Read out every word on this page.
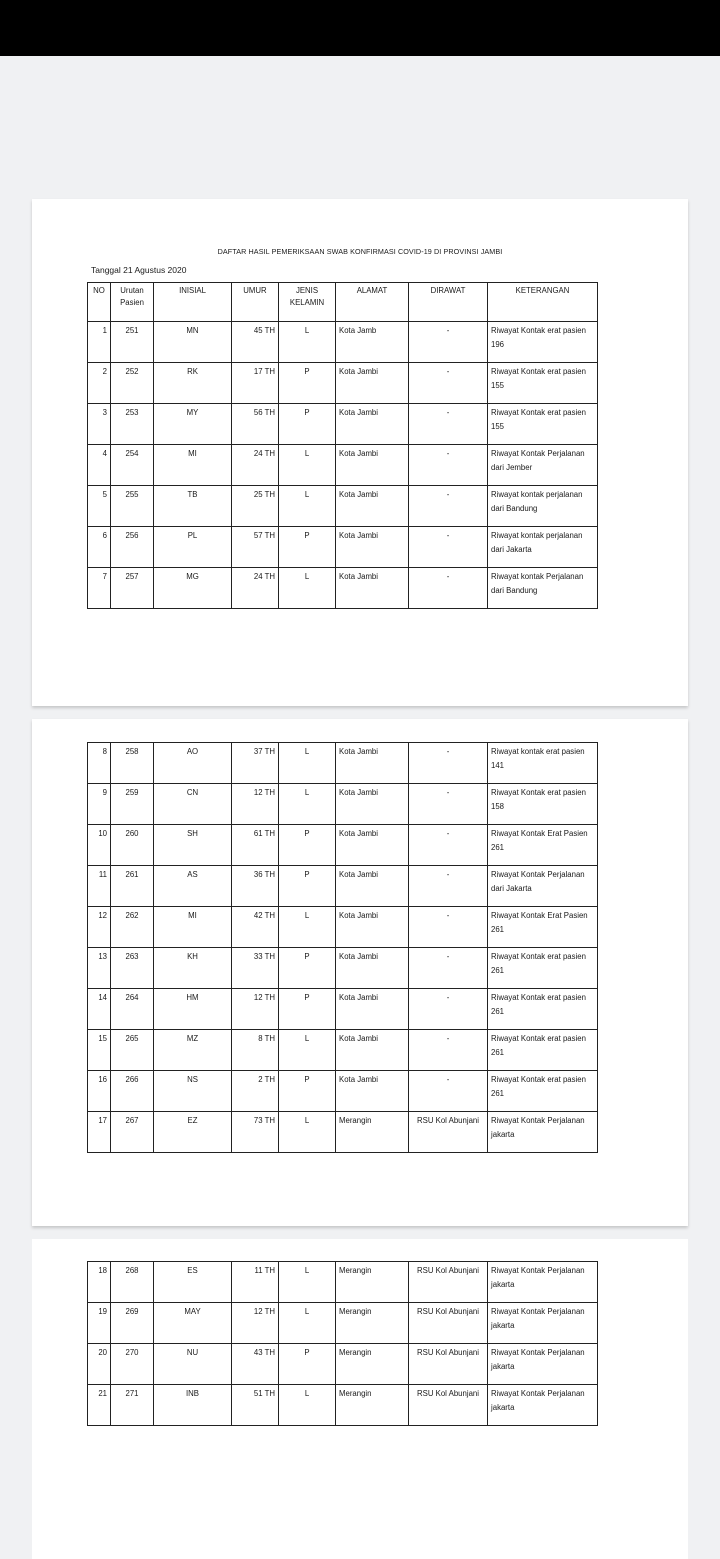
DAFTAR HASIL PEMERIKSAAN SWAB KONFIRMASI COVID-19 DI PROVINSI JAMBI
Tanggal 21 Agustus 2020
NO	Urutan Pasien	INISIAL	UMUR	JENIS KELAMIN	ALAMAT	DIRAWAT	KETERANGAN
1	251	MN	45 TH	L	Kota Jamb	-	Riwayat Kontak erat pasien 196
2	252	RK	17 TH	P	Kota Jambi	-	Riwayat Kontak erat pasien 155
3	253	MY	56 TH	P	Kota Jambi	-	Riwayat Kontak erat pasien 155
4	254	MI	24 TH	L	Kota Jambi	-	Riwayat Kontak Perjalanan dari Jember
5	255	TB	25 TH	L	Kota Jambi	-	Riwayat kontak perjalanan dari Bandung
6	256	PL	57 TH	P	Kota Jambi	-	Riwayat kontak perjalanan dari Jakarta
7	257	MG	24 TH	L	Kota Jambi	-	Riwayat kontak Perjalanan dari Bandung
8	258	AO	37 TH	L	Kota Jambi	-	Riwayat kontak erat pasien 141
9	259	CN	12 TH	L	Kota Jambi	-	Riwayat Kontak erat pasien 158
10	260	SH	61 TH	P	Kota Jambi	-	Riwayat Kontak Erat Pasien 261
11	261	AS	36 TH	P	Kota Jambi	-	Riwayat Kontak Perjalanan dari Jakarta
12	262	MI	42 TH	L	Kota Jambi	-	Riwayat Kontak Erat Pasien 261
13	263	KH	33 TH	P	Kota Jambi	-	Riwayat Kontak erat pasien 261
14	264	HM	12 TH	P	Kota Jambi	-	Riwayat Kontak erat pasien 261
15	265	MZ	8 TH	L	Kota Jambi	-	Riwayat Kontak erat pasien 261
16	266	NS	2 TH	P	Kota Jambi	-	Riwayat Kontak erat pasien 261
17	267	EZ	73 TH	L	Merangin	RSU Kol Abunjani	Riwayat Kontak Perjalanan jakarta
18	268	ES	11 TH	L	Merangin	RSU Kol Abunjani	Riwayat Kontak Perjalanan jakarta
19	269	MAY	12 TH	L	Merangin	RSU Kol Abunjani	Riwayat Kontak Perjalanan jakarta
20	270	NU	43 TH	P	Merangin	RSU Kol Abunjani	Riwayat Kontak Perjalanan jakarta
21	271	INB	51 TH	L	Merangin	RSU Kol Abunjani	Riwayat Kontak Perjalanan jakarta
